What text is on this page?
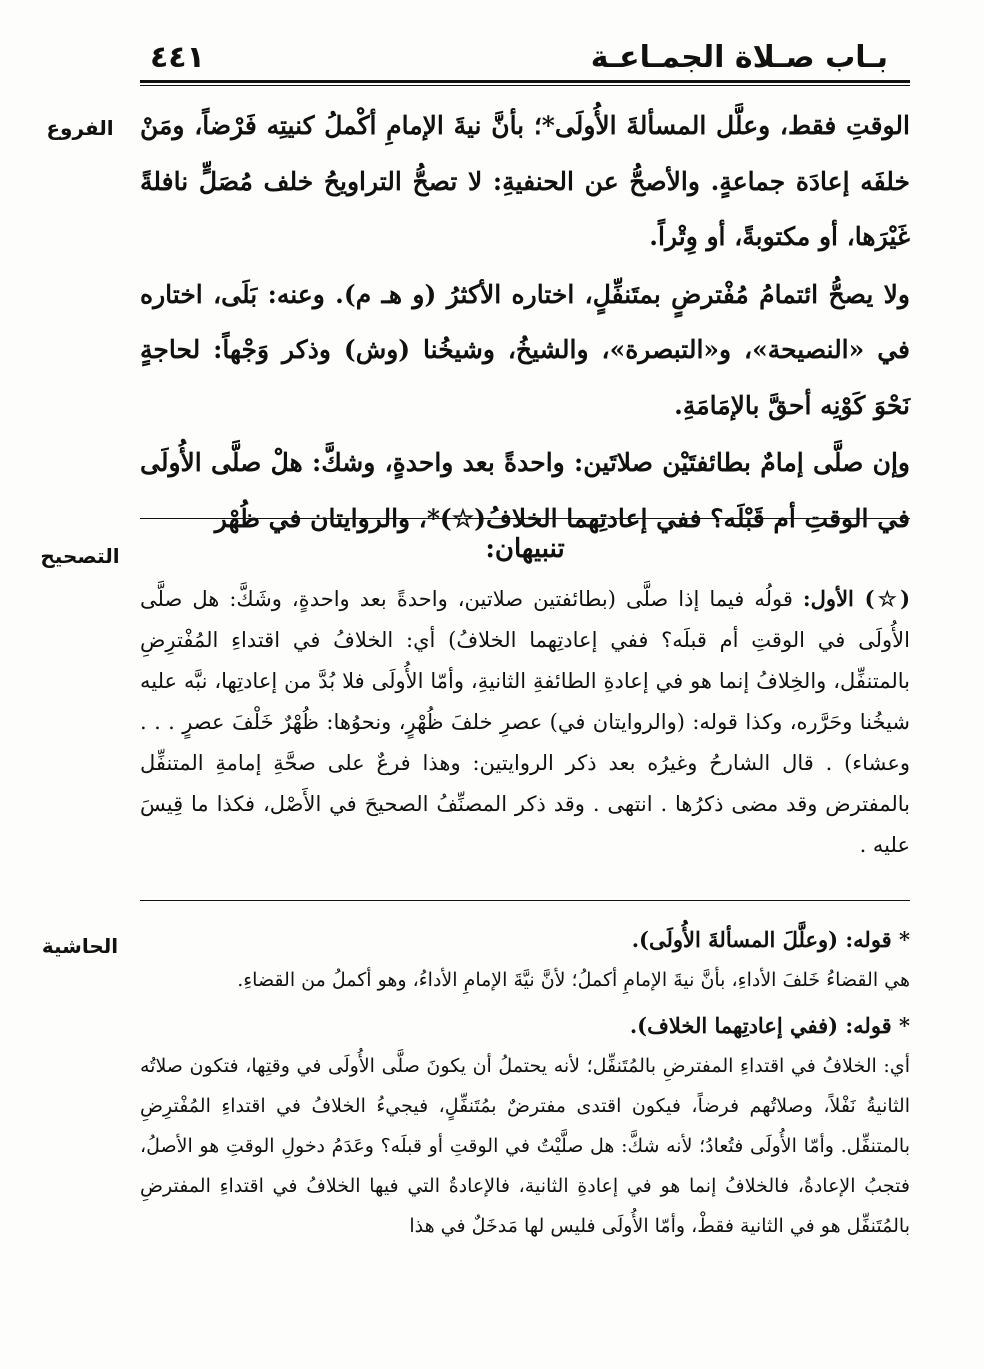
بـاب صـلاة الجمـاعـة
٤٤١
الفروع
التصحيح
الحاشية

الوقتِ فقط، وعلَّل المسألةَ الأُولَى*؛ بأنَّ نيةَ الإمامِ أكْملُ كنيتِه فَرْضاً، ومَنْ خلفَه إعادَة جماعةٍ. والأصحُّ عن الحنفيةِ: لا تصحُّ التراويحُ خلف مُصَلٍّ نافلةً غَيْرَها، أو مكتوبةً، أو وِتْراً.

ولا يصحُّ ائتمامُ مُفْترضٍ بمتَنفِّلٍ، اختاره الأكثرُ (و هـ م). وعنه: بَلَى، اختاره في «النصيحة»، و«التبصرة»، والشيخُ، وشيخُنا (وش) وذكر وَجْهاً: لحاجةٍ نَحْوَ كَوْنِه أحقَّ بالإمَامَةِ.

وإن صلَّى إمامٌ بطائفتَيْن صلاتَين: واحدةً بعد واحدةٍ، وشكَّ: هلْ صلَّى الأُولَى في الوقتِ أم قَبْلَه؟ ففي إعادتِهما الخلافُ(☆)*، والروايتان في ظُهْر

تنبيهان:

(☆) الأول: قولُه فيما إذا صلَّى (بطائفتين صلاتين، واحدةً بعد واحدةٍ، وشَكَّ: هل صلَّى الأُولَى في الوقتِ أم قبلَه؟ ففي إعادتِهما الخلافُ) أي: الخلافُ في اقتداءِ المُفْترِضِ بالمتنفِّل، والخِلافُ إنما هو في إعادةِ الطائفةِ الثانيةِ، وأمّا الأُولَى فلا بُدَّ من إعادتِها، نبَّه عليه شيخُنا وحَرَّره، وكذا قوله: (والروايتان في) عصرِ خلفَ ظُهْرٍ، ونحوُها: ظُهْرٌ خَلْفَ عصرٍ . . . وعشاء) . قال الشارحُ وغيرُه بعد ذكر الروايتين: وهذا فرعٌ على صحَّةِ إمامةِ المتنفِّل بالمفترض وقد مضى ذكرُها . انتهى . وقد ذكر المصنِّفُ الصحيحَ في الأَصْل، فكذا ما قِيسَ عليه .

* قوله: (وعلَّلَ المسألةَ الأُولَى).

هي القضاءُ خَلفَ الأداءِ، بأنَّ نيةَ الإمامِ أكملُ؛ لأنَّ نيَّةَ الإمامِ الأداءُ، وهو أكملُ من القضاءِ.

* قوله: (ففي إعادتِهما الخلاف).

أي: الخلافُ في اقتداءِ المفترضِ بالمُتَنفِّل؛ لأنه يحتملُ أن يكونَ صلَّى الأُولَى في وقتِها، فتكون صلاتُه الثانيةُ نَفْلاً، وصلاتُهم فرضاً، فيكون اقتدى مفترضٌ بمُتَنفِّلٍ، فيجيءُ الخلافُ في اقتداءِ المُفْترِضِ بالمتنفِّل. وأمّا الأُولَى فتُعادُ؛ لأنه شكَّ: هل صلَّيْتُ في الوقتِ أو قبلَه؟ وعَدَمُ دخولِ الوقتِ هو الأصلُ، فتجبُ الإعادةُ، فالخلافُ إنما هو في إعادةِ الثانية، فالإعادةُ التي فيها الخلافُ في اقتداءِ المفترضِ بالمُتَنفِّل هو في الثانية فقطْ، وأمّا الأُولَى فليس لها مَدخَلٌ في هذا
